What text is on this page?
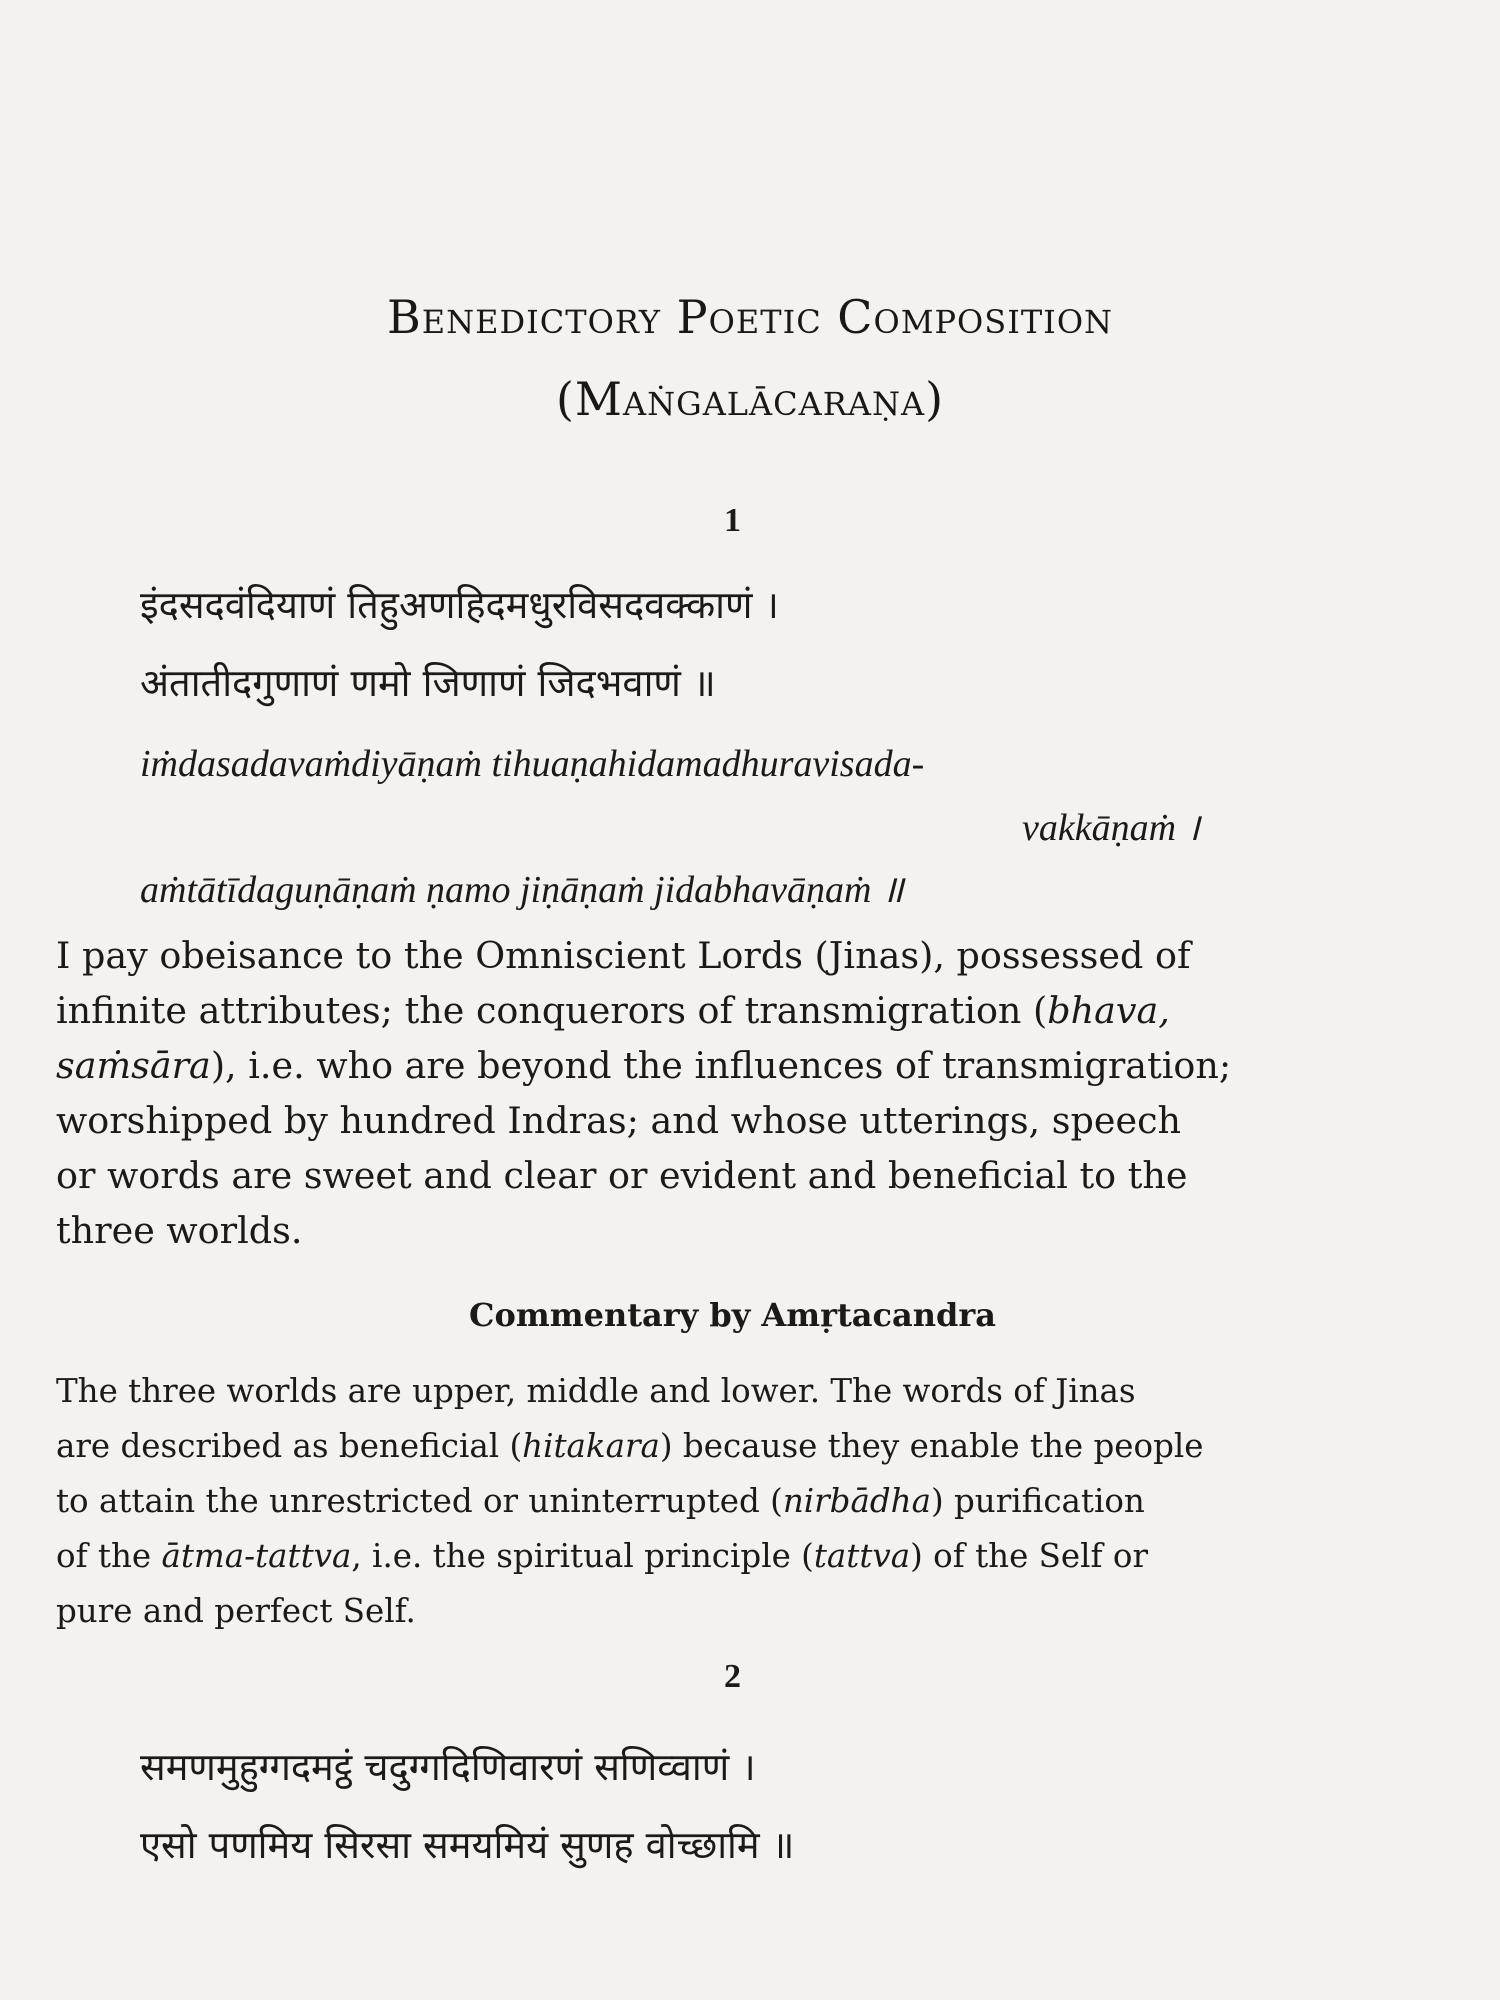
Benedictory Poetic Composition
(Maṅgalācaraṇa)
1
इंदसदवंदियाणं तिहुअणहिदमधुरविसदवक्काणं ।
अंतातीदगुणाणं णमो जिणाणं जिदभवाणं ॥
iṁdasadavaṁdiyāṇaṁ tihuaṇahidamadhuravisada-
vakkāṇaṁ ।
aṁtātīdaguṇāṇaṁ ṇamo jiṇāṇaṁ jidabhavāṇaṁ ॥
I pay obeisance to the Omniscient Lords (Jinas), possessed of
infinite attributes; the conquerors of transmigration (bhava,
saṁsāra), i.e. who are beyond the influences of transmigration;
worshipped by hundred Indras; and whose utterings, speech
or words are sweet and clear or evident and beneficial to the
three worlds.
Commentary by Amṛtacandra
The three worlds are upper, middle and lower. The words of Jinas
are described as beneficial (hitakara) because they enable the people
to attain the unrestricted or uninterrupted (nirbādha) purification
of the ātma-tattva, i.e. the spiritual principle (tattva) of the Self or
pure and perfect Self.
2
समणमुहुग्गदमट्ठं चदुग्गदिणिवारणं सणिव्वाणं ।
एसो पणमिय सिरसा समयमियं सुणह वोच्छामि ॥
